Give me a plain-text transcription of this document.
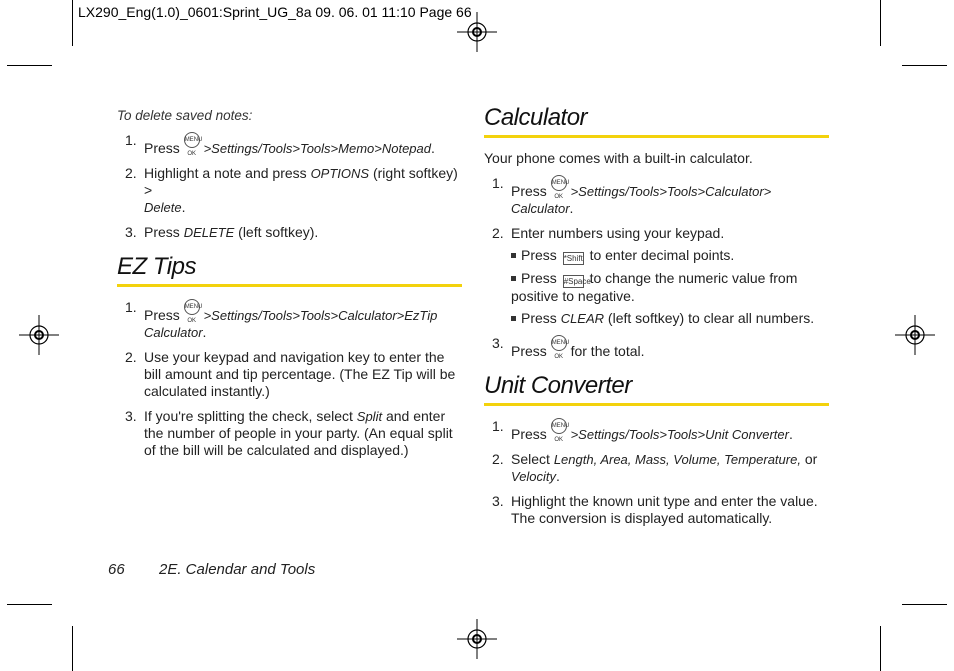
LX290_Eng(1.0)_0601:Sprint_UG_8a 09. 06. 01 11:10 Page 66
To delete saved notes:
1. Press MENU OK >Settings/Tools>Tools>Memo>Notepad.
2. Highlight a note and press OPTIONS (right softkey) >
Delete.
3. Press DELETE (left softkey).
EZ Tips
1. Press MENU OK >Settings/Tools>Tools>Calculator>EzTip
Calculator.
2. Use your keypad and navigation key to enter the bill amount and tip percentage. (The EZ Tip will be calculated instantly.)
3. If you're splitting the check, select Split and enter the number of people in your party. (An equal split of the bill will be calculated and displayed.)
Calculator
Your phone comes with a built-in calculator.
1. Press MENU OK >Settings/Tools>Tools>Calculator>
Calculator.
2. Enter numbers using your keypad.
Press *Shift to enter decimal points.
Press #Space to change the numeric value from positive to negative.
Press CLEAR (left softkey) to clear all numbers.
3. Press MENU OK for the total.
Unit Converter
1. Press MENU OK >Settings/Tools>Tools>Unit Converter.
2. Select Length, Area, Mass, Volume, Temperature, or
Velocity.
3. Highlight the known unit type and enter the value. The conversion is displayed automatically.
66 2E. Calendar and Tools
